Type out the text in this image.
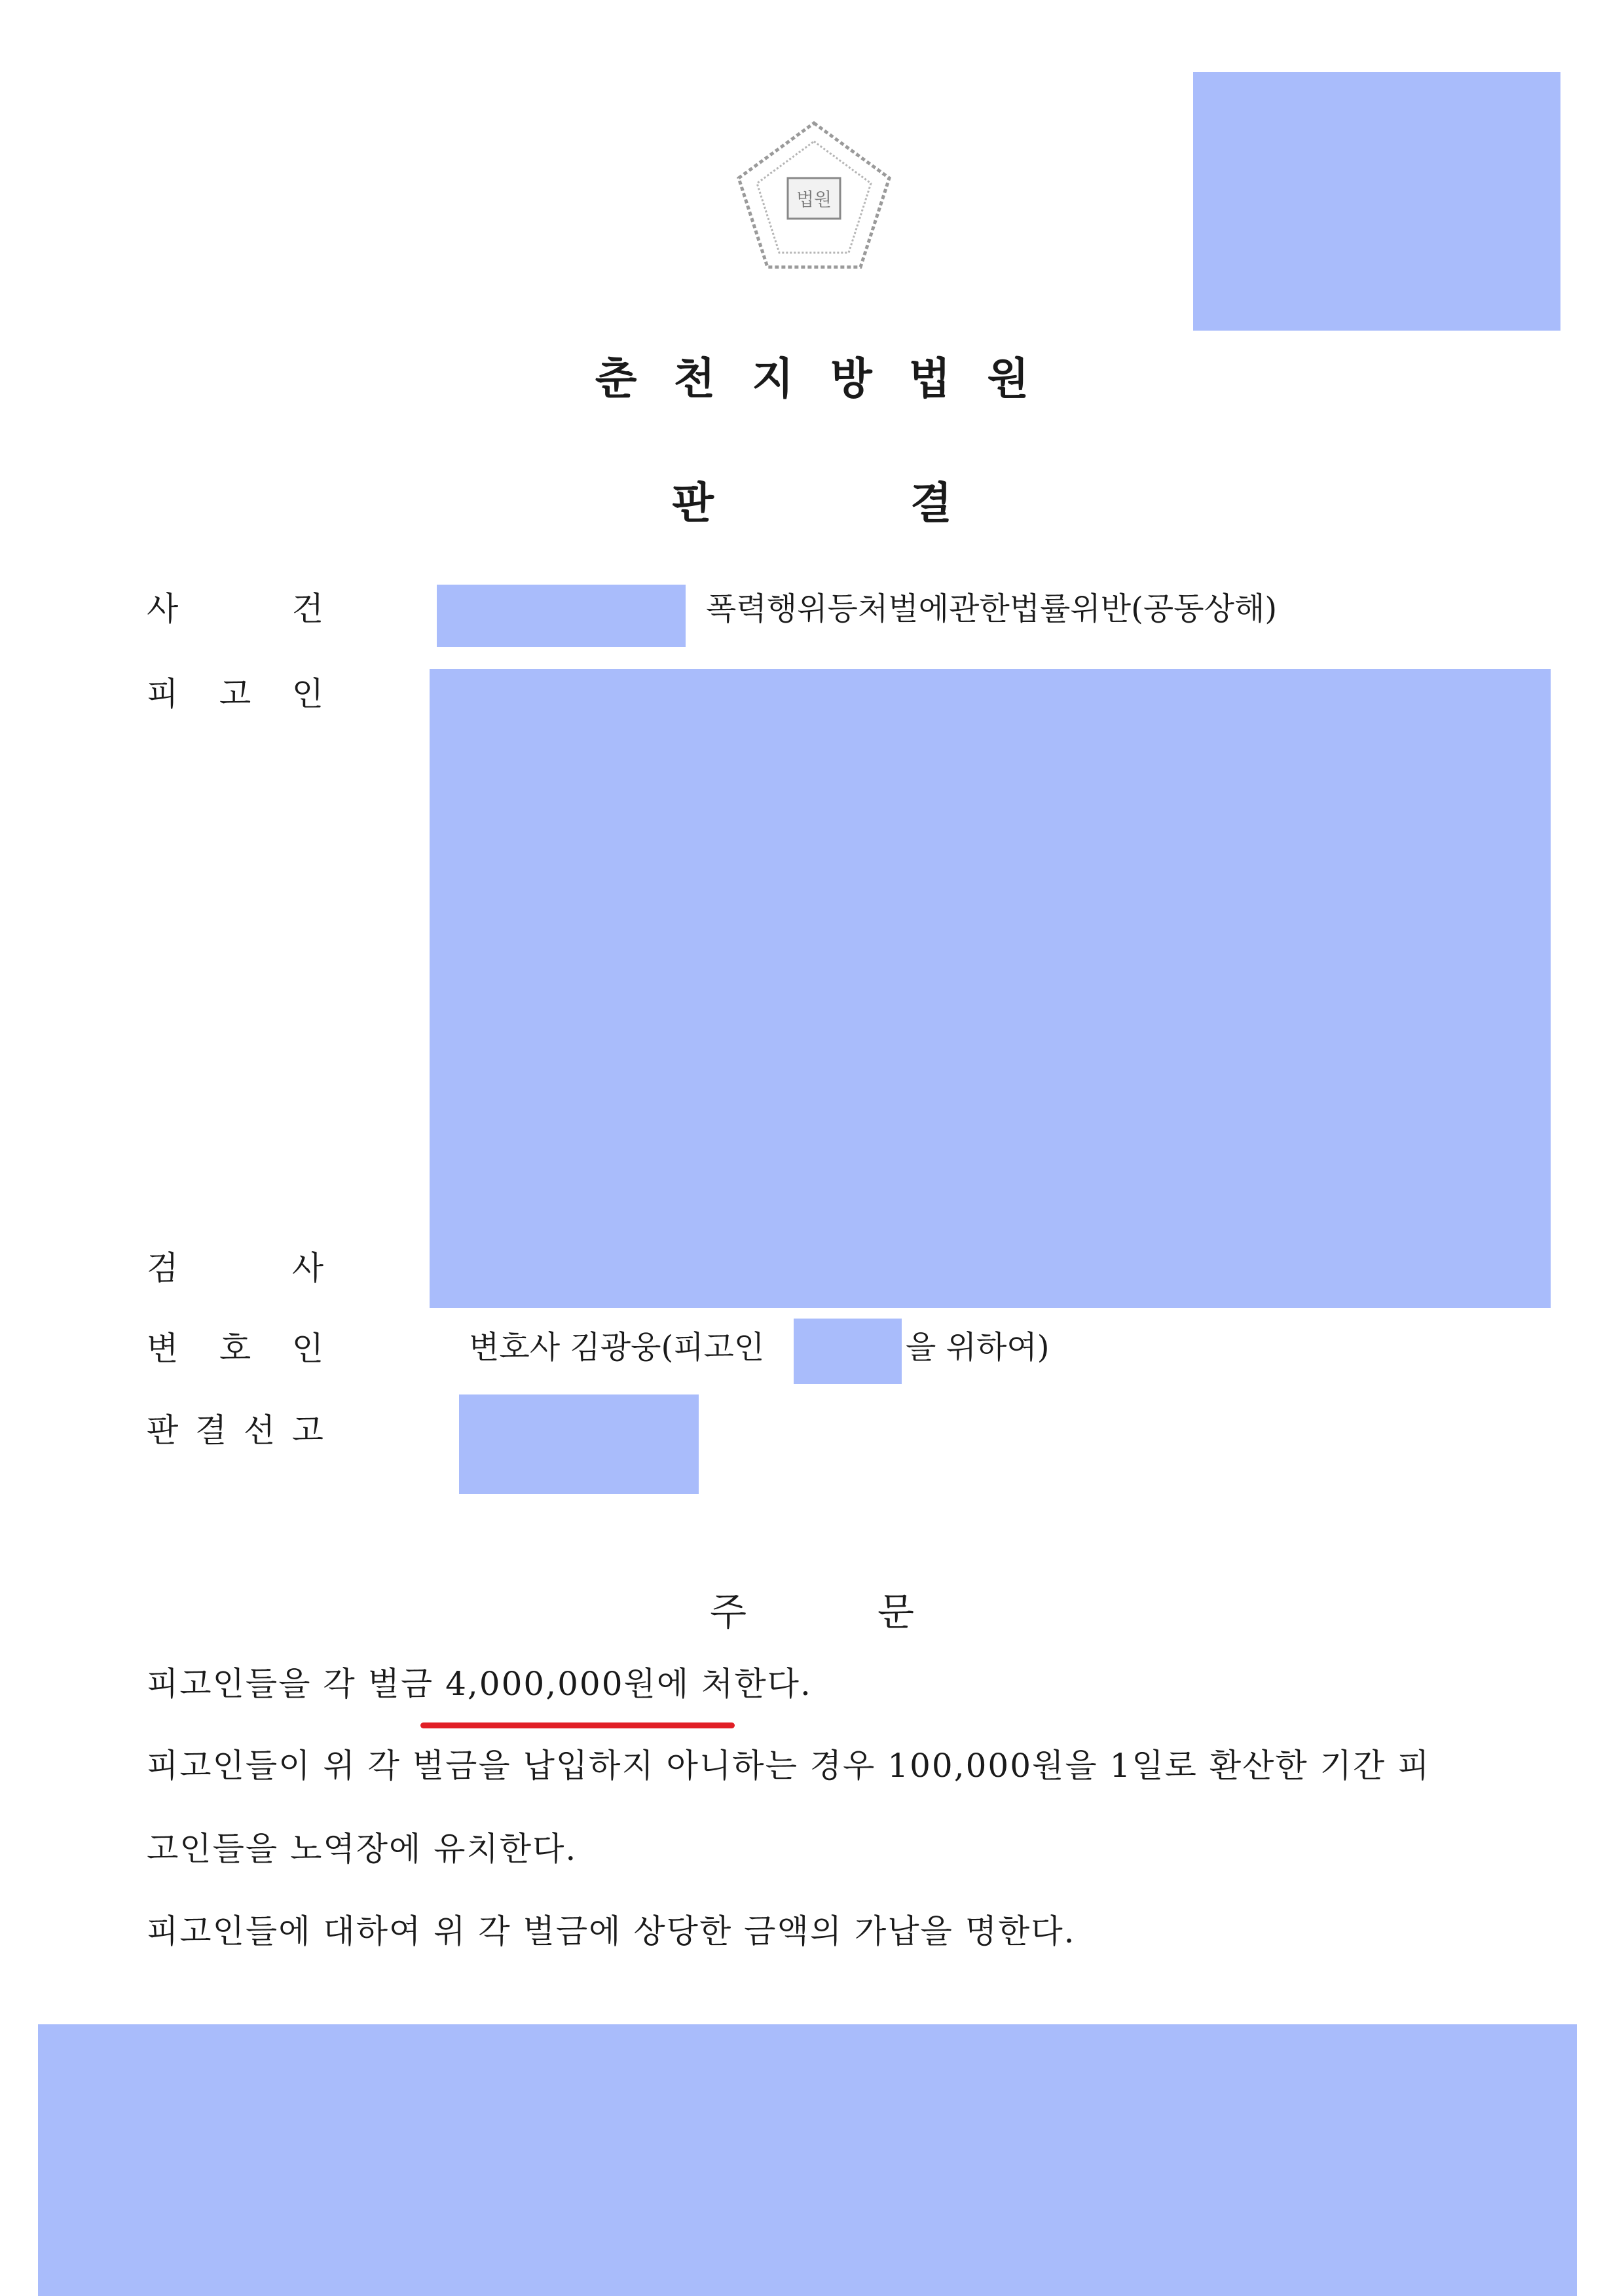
법원
춘천지방법원
판결
사	건	폭력행위등처벌에관한법률위반(공동상해)
피 고 인
검	사
변 호 인	변호사 김광웅(피고인	을 위하여)
판 결 선 고
주문
피고인들을 각 벌금 4,000,000원에 처한다.
피고인들이 위 각 벌금을 납입하지 아니하는 경우 100,000원을 1일로 환산한 기간 피
고인들을 노역장에 유치한다.
피고인들에 대하여 위 각 벌금에 상당한 금액의 가납을 명한다.
